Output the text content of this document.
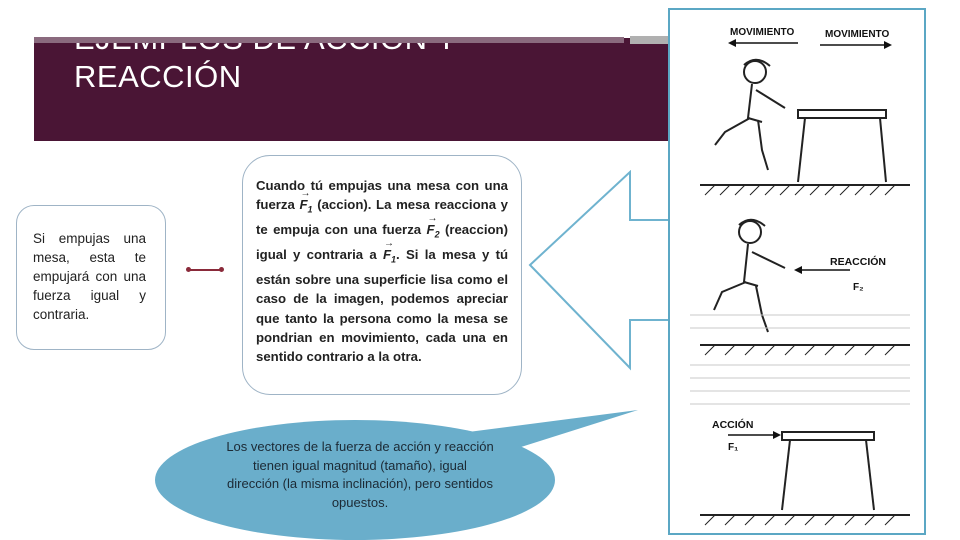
REACCIÓN
Si empujas una mesa, esta te empujará con una fuerza igual y contraria.
Cuando tú empujas una mesa con una fuerza → $F_1$ (accion). La mesa reacciona y te empuja con una fuerza → $F_2$ (reaccion) igual y contraria $a \to F_1$. Si la mesa y tú están sobre una superficie lisa como el caso de la imagen, podemos apreciar que tanto la persona como la mesa se pondrian en movimiento, cada una en sentido contrario a la otra.
Los vectores de la fuerza de acción y reacción tienen igual magnitud (tamaño), igual dirección (la misma inclinación), pero sentidos opuestos.
MOVIMIENTO	MOVIMIENTO
REACCIÓN
F₂
ACCIÓN
F₁
